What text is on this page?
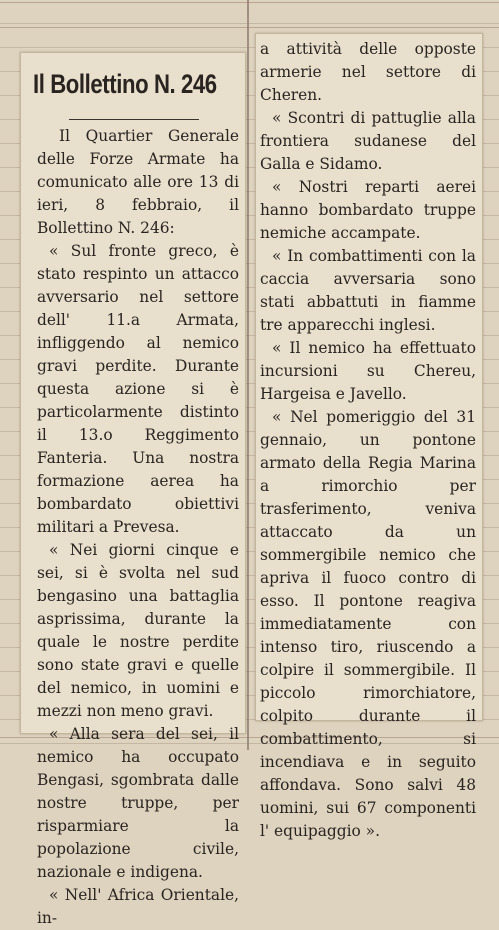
Il Bollettino N. 246
Il Quartier Generale delle Forze Armate ha comunicato alle ore 13 di ieri, 8 febbraio, il Bollettino N. 246:
« Sul fronte greco, è stato respinto un attacco avversario nel settore dell' 11.a Armata, infliggendo al nemico gravi perdite. Durante questa azione si è particolarmente distinto il 13.o Reggimento Fanteria. Una nostra formazione aerea ha bombardato obiettivi militari a Prevesa.
« Nei giorni cinque e sei, si è svolta nel sud bengasino una battaglia asprissima, durante la quale le nostre perdite sono state gravi e quelle del nemico, in uomini e mezzi non meno gravi.
« Alla sera del sei, il nemico ha occupato Bengasi, sgombrata dalle nostre truppe, per risparmiare la popolazione civile, nazionale e indigena.
« Nell' Africa Orientale, in-
a attività delle opposte armerie nel settore di Cheren.
« Scontri di pattuglie alla frontiera sudanese del Galla e Sidamo.
« Nostri reparti aerei hanno bombardato truppe nemiche accampate.
« In combattimenti con la caccia avversaria sono stati abbattuti in fiamme tre apparecchi inglesi.
« Il nemico ha effettuato incursioni su Chereu, Hargeisa e Javello.
« Nel pomeriggio del 31 gennaio, un pontone armato della Regia Marina a rimorchio per trasferimento, veniva attaccato da un sommergibile nemico che apriva il fuoco contro di esso. Il pontone reagiva immediatamente con intenso tiro, riuscendo a colpire il sommergibile. Il piccolo rimorchiatore, colpito durante il combattimento, si incendiava e in seguito affondava. Sono salvi 48 uomini, sui 67 componenti l' equipaggio ».
